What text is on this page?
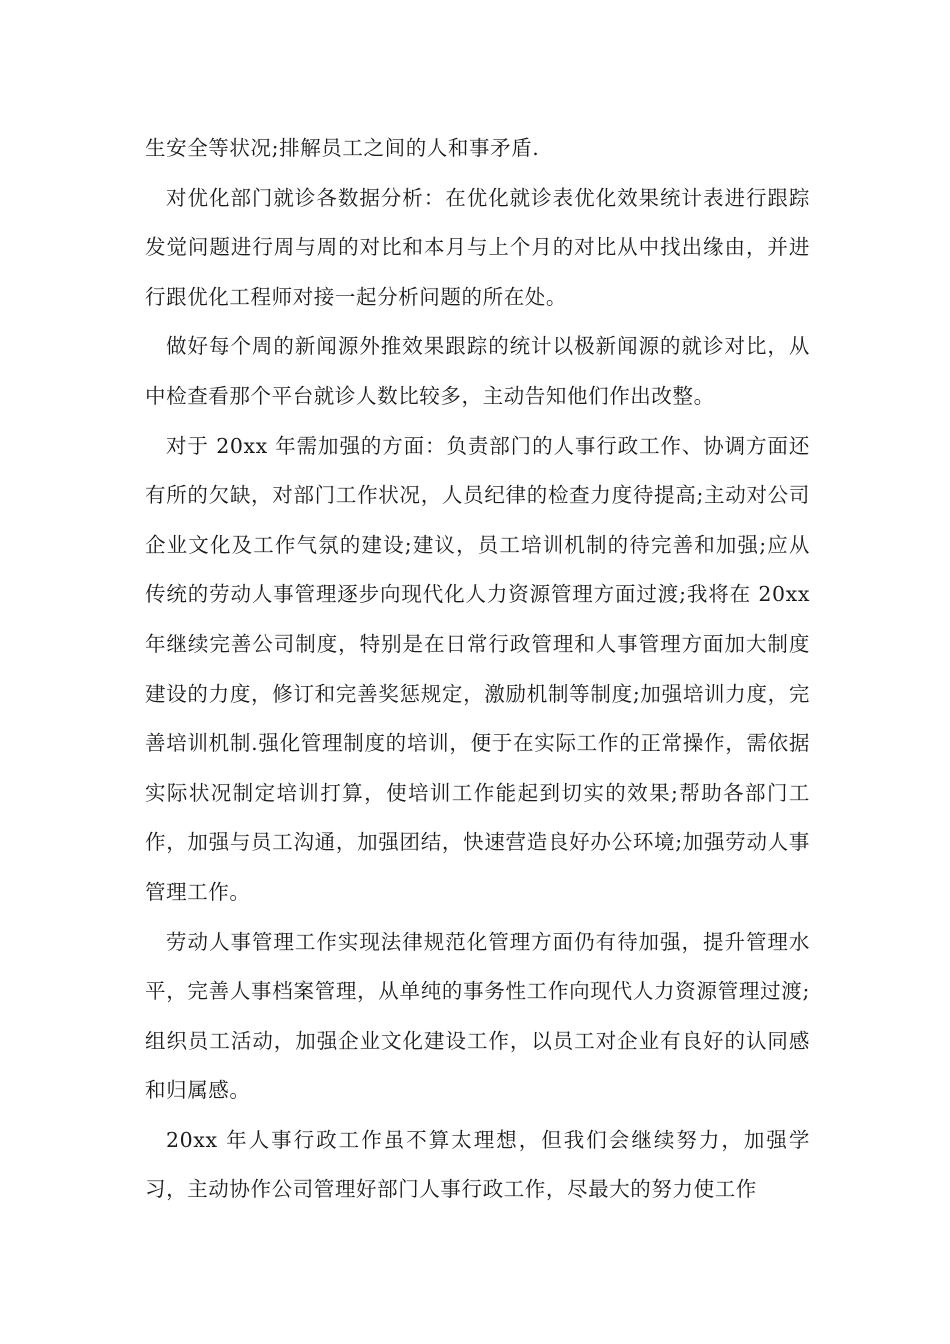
生安全等状况;排解员工之间的人和事矛盾.

对优化部门就诊各数据分析：在优化就诊表优化效果统计表进行跟踪发觉问题进行周与周的对比和本月与上个月的对比从中找出缘由，并进行跟优化工程师对接一起分析问题的所在处。

做好每个周的新闻源外推效果跟踪的统计以极新闻源的就诊对比，从中检查看那个平台就诊人数比较多，主动告知他们作出改整。

对于 20xx 年需加强的方面：负责部门的人事行政工作、协调方面还有所的欠缺，对部门工作状况，人员纪律的检查力度待提高;主动对公司企业文化及工作气氛的建设;建议，员工培训机制的待完善和加强;应从传统的劳动人事管理逐步向现代化人力资源管理方面过渡;我将在 20xx 年继续完善公司制度，特别是在日常行政管理和人事管理方面加大制度建设的力度，修订和完善奖惩规定，激励机制等制度;加强培训力度，完善培训机制.强化管理制度的培训，便于在实际工作的正常操作，需依据实际状况制定培训打算，使培训工作能起到切实的效果;帮助各部门工作，加强与员工沟通，加强团结，快速营造良好办公环境;加强劳动人事管理工作。

劳动人事管理工作实现法律规范化管理方面仍有待加强，提升管理水平，完善人事档案管理，从单纯的事务性工作向现代人力资源管理过渡;组织员工活动，加强企业文化建设工作，以员工对企业有良好的认同感和归属感。

20xx 年人事行政工作虽不算太理想，但我们会继续努力，加强学习，主动协作公司管理好部门人事行政工作，尽最大的努力使工作
